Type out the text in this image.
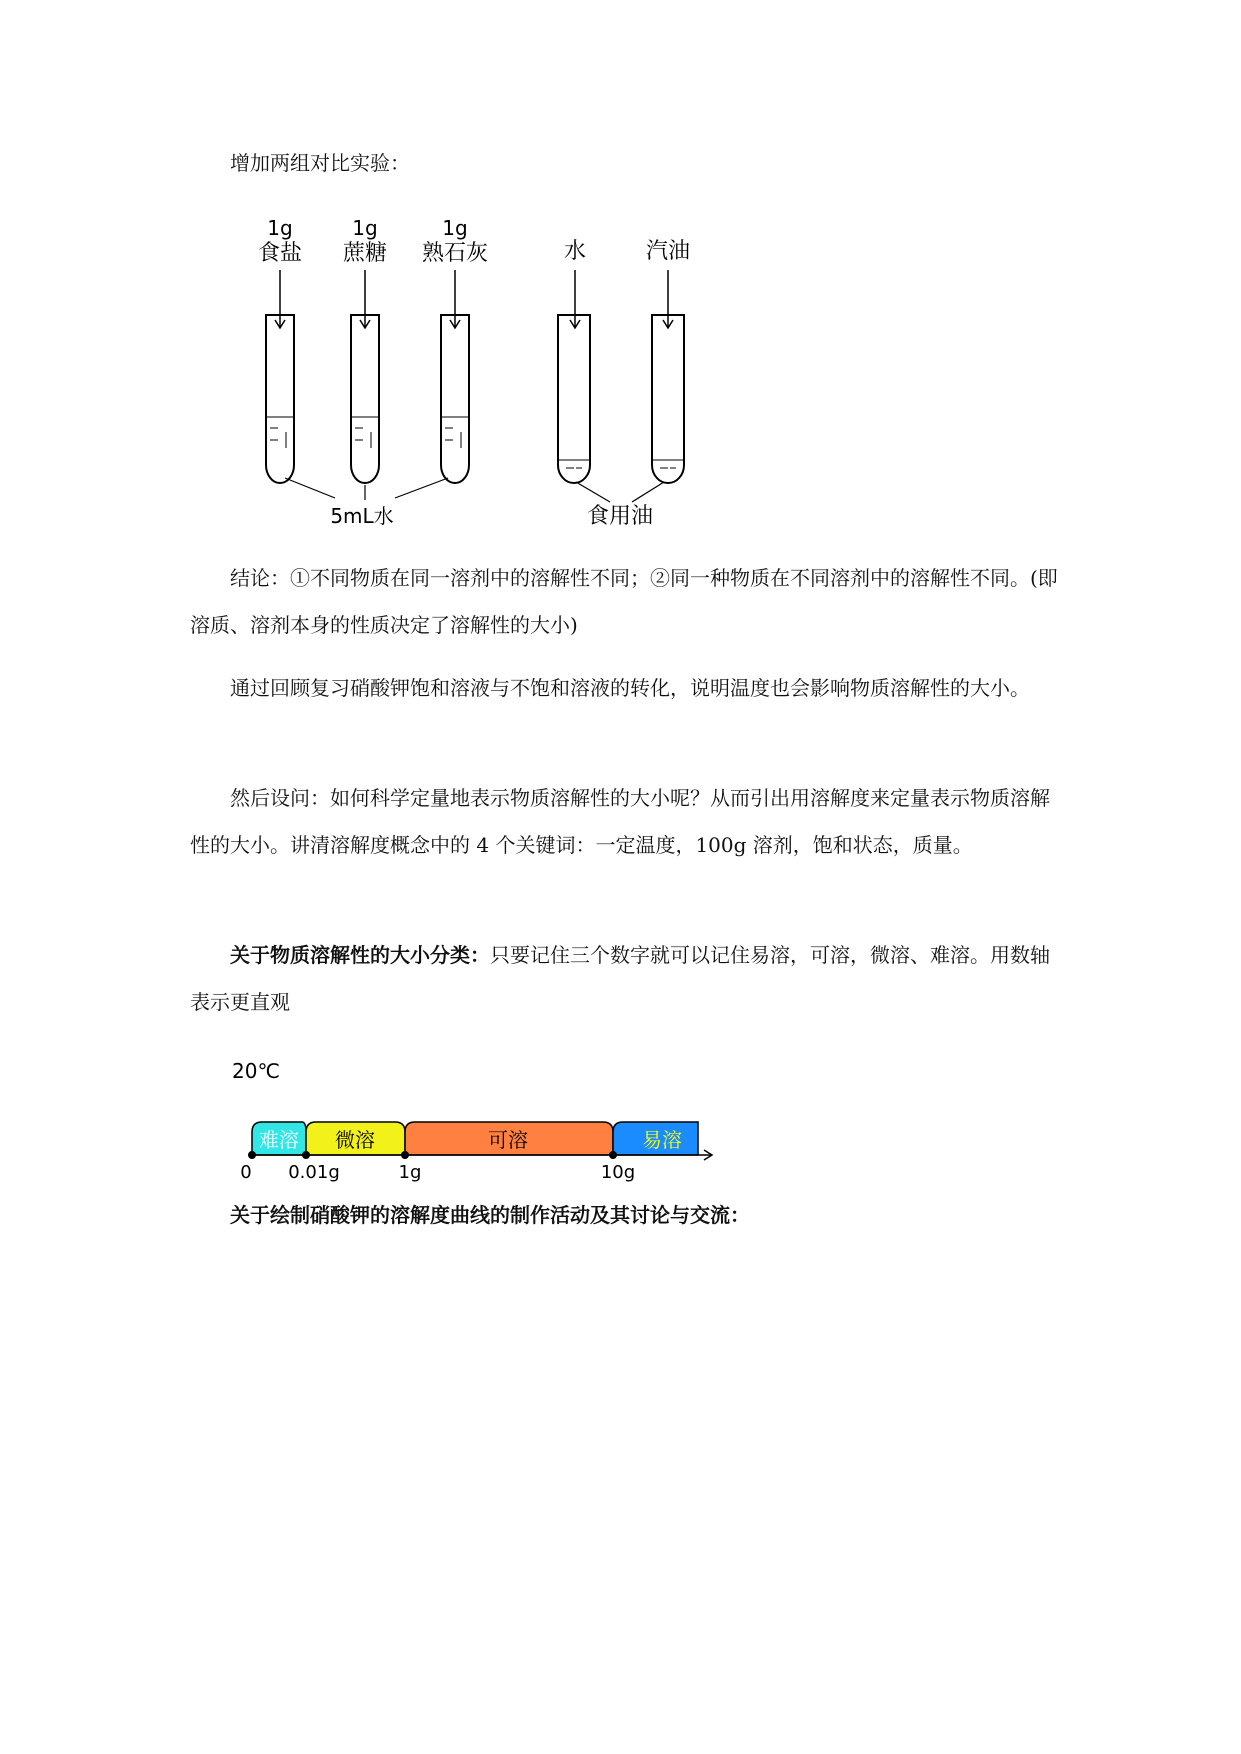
增加两组对比实验：

1g
食盐
1g
蔗糖
1g
熟石灰	水	汽油
5mL水	食用油

结论：①不同物质在同一溶剂中的溶解性不同；②同一种物质在不同溶剂中的溶解性不同。(即溶质、溶剂本身的性质决定了溶解性的大小)

通过回顾复习硝酸钾饱和溶液与不饱和溶液的转化，说明温度也会影响物质溶解性的大小。

然后设问：如何科学定量地表示物质溶解性的大小呢？从而引出用溶解度来定量表示物质溶解性的大小。讲清溶解度概念中的 4 个关键词：一定温度，100g 溶剂，饱和状态，质量。

关于物质溶解性的大小分类：只要记住三个数字就可以记住易溶，可溶，微溶、难溶。用数轴表示更直观

20℃
难溶 微溶	可溶	易溶
0 0.01g	1g	10g

关于绘制硝酸钾的溶解度曲线的制作活动及其讨论与交流：
